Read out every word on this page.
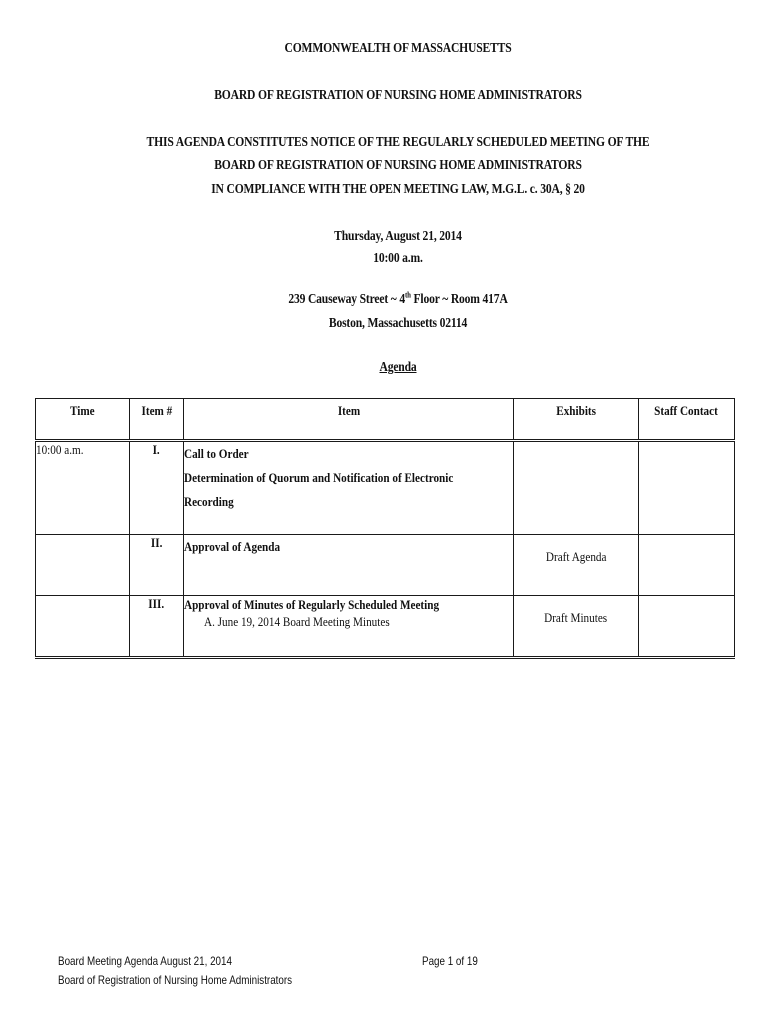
COMMONWEALTH OF MASSACHUSETTS
BOARD OF REGISTRATION OF NURSING HOME ADMINISTRATORS
THIS AGENDA CONSTITUTES NOTICE OF THE REGULARLY SCHEDULED MEETING OF THE
BOARD OF REGISTRATION OF NURSING HOME ADMINISTRATORS
IN COMPLIANCE WITH THE OPEN MEETING LAW, M.G.L. c. 30A, § 20
Thursday, August 21, 2014
10:00 a.m.
239 Causeway Street ~ 4th Floor ~ Room 417A
Boston, Massachusetts 02114
Agenda
Time	Item #	Item	Exhibits	Staff Contact
10:00 a.m.	I.	Call to Order
Determination of Quorum and Notification of Electronic
Recording		

	II.	Approval of Agenda	Draft Agenda	
	III.	Approval of Minutes of Regularly Scheduled Meeting
A. June 19, 2014 Board Meeting Minutes	Draft Minutes	
Board Meeting Agenda August 21, 2014
Board of Registration of Nursing Home Administrators
Page 1 of 19
